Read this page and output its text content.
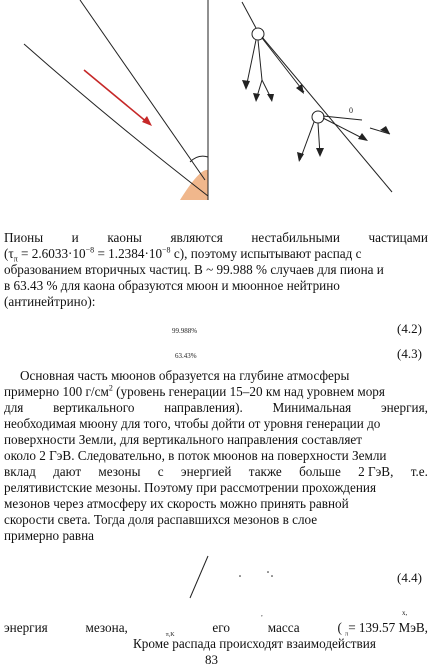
0
Пионы и каоны являются нестабильными частицами
($\tau_\pi = 2.6033\cdot 10^{-8} = 1.2384\cdot 10^{-8}$ с), поэтому испытывают распад с
образованием вторичных частиц. В ~ 99.988 % случаев для пиона и
в 63.43 % для каона образуются мюон и мюонное нейтрино
(антинейтрино):
99.988%	(4.2)
63.43%	(4.3)
Основная часть мюонов образуется на глубине атмосферы
примерно 100 $г/см^2$ (уровень генерации 15–20 км над уровнем моря
для вертикального направления). Минимальная энергия,
необходимая мюону для того, чтобы дойти от уровня генерации до
поверхности Земли, для вертикального направления составляет
около 2 ГэВ. Следовательно, в поток мюонов на поверхности Земли
вклад дают мезоны с энергией также больше 2 ГэВ, т.е.
релятивистские мезоны. Поэтому при рассмотрении прохождения
мезонов через атмосферу их скорость можно принять равной
скорости света. Тогда доля распавшихся мезонов в слое
примерно равна
(4.4)
,	x,
энергия	мезона,	π,K	его	масса	( $_\pi$= 139.57 МэВ,
Кроме распада происходят взаимодействия
83
